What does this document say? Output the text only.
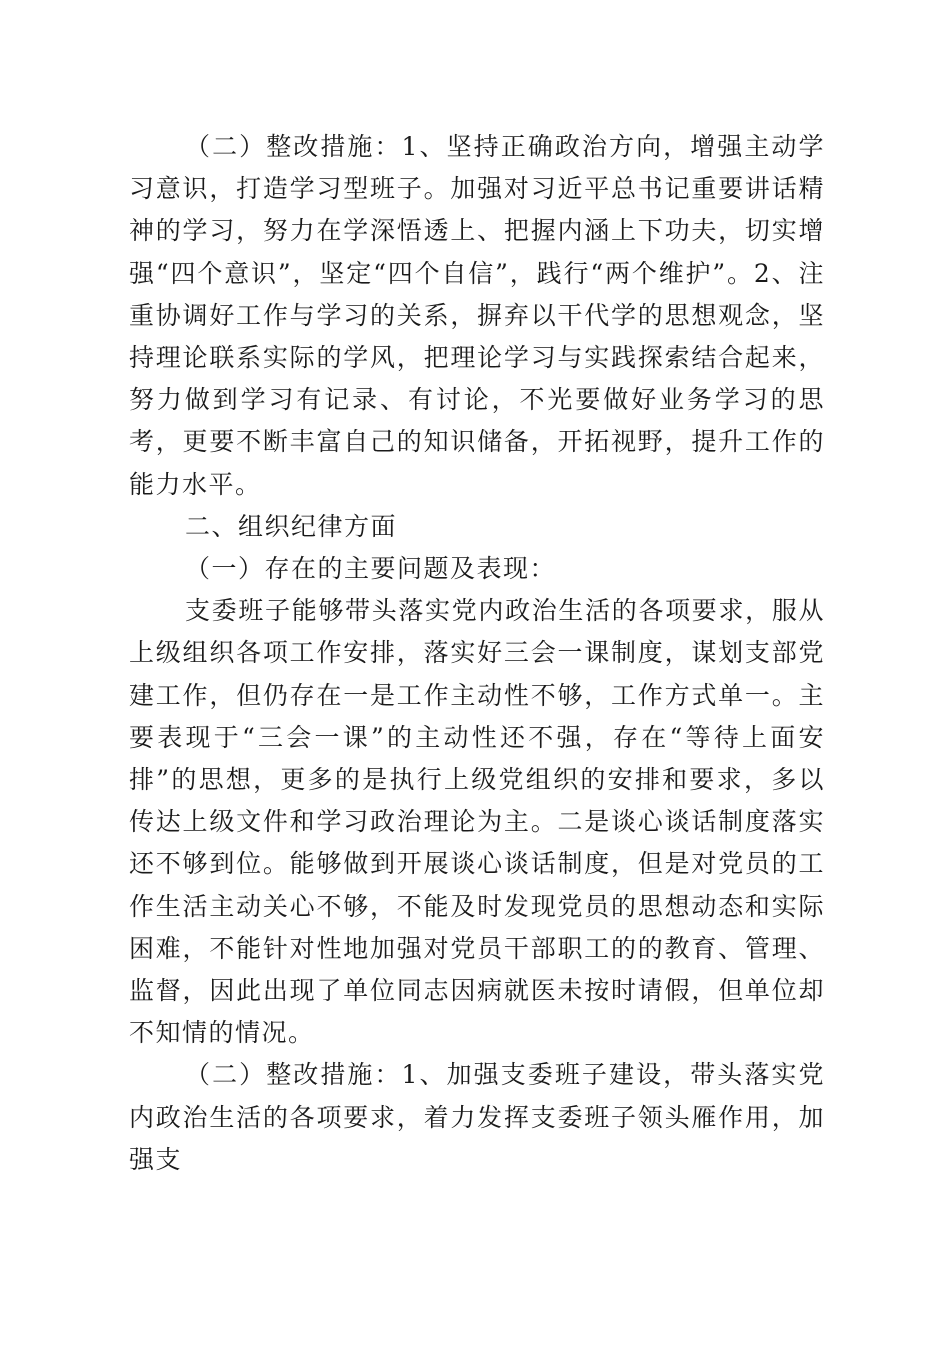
（二）整改措施：1、坚持正确政治方向，增强主动学习意识，打造学习型班子。加强对习近平总书记重要讲话精神的学习，努力在学深悟透上、把握内涵上下功夫，切实增强“四个意识”，坚定“四个自信”，践行“两个维护”。2、注重协调好工作与学习的关系，摒弃以干代学的思想观念，坚持理论联系实际的学风，把理论学习与实践探索结合起来，努力做到学习有记录、有讨论，不光要做好业务学习的思考，更要不断丰富自己的知识储备，开拓视野，提升工作的能力水平。

二、组织纪律方面

（一）存在的主要问题及表现：

支委班子能够带头落实党内政治生活的各项要求，服从上级组织各项工作安排，落实好三会一课制度，谋划支部党建工作，但仍存在一是工作主动性不够，工作方式单一。主要表现于“三会一课”的主动性还不强，存在“等待上面安排”的思想，更多的是执行上级党组织的安排和要求，多以传达上级文件和学习政治理论为主。二是谈心谈话制度落实还不够到位。能够做到开展谈心谈话制度，但是对党员的工作生活主动关心不够，不能及时发现党员的思想动态和实际困难，不能针对性地加强对党员干部职工的的教育、管理、监督，因此出现了单位同志因病就医未按时请假，但单位却不知情的情况。

（二）整改措施：1、加强支委班子建设，带头落实党内政治生活的各项要求，着力发挥支委班子领头雁作用，加强支
